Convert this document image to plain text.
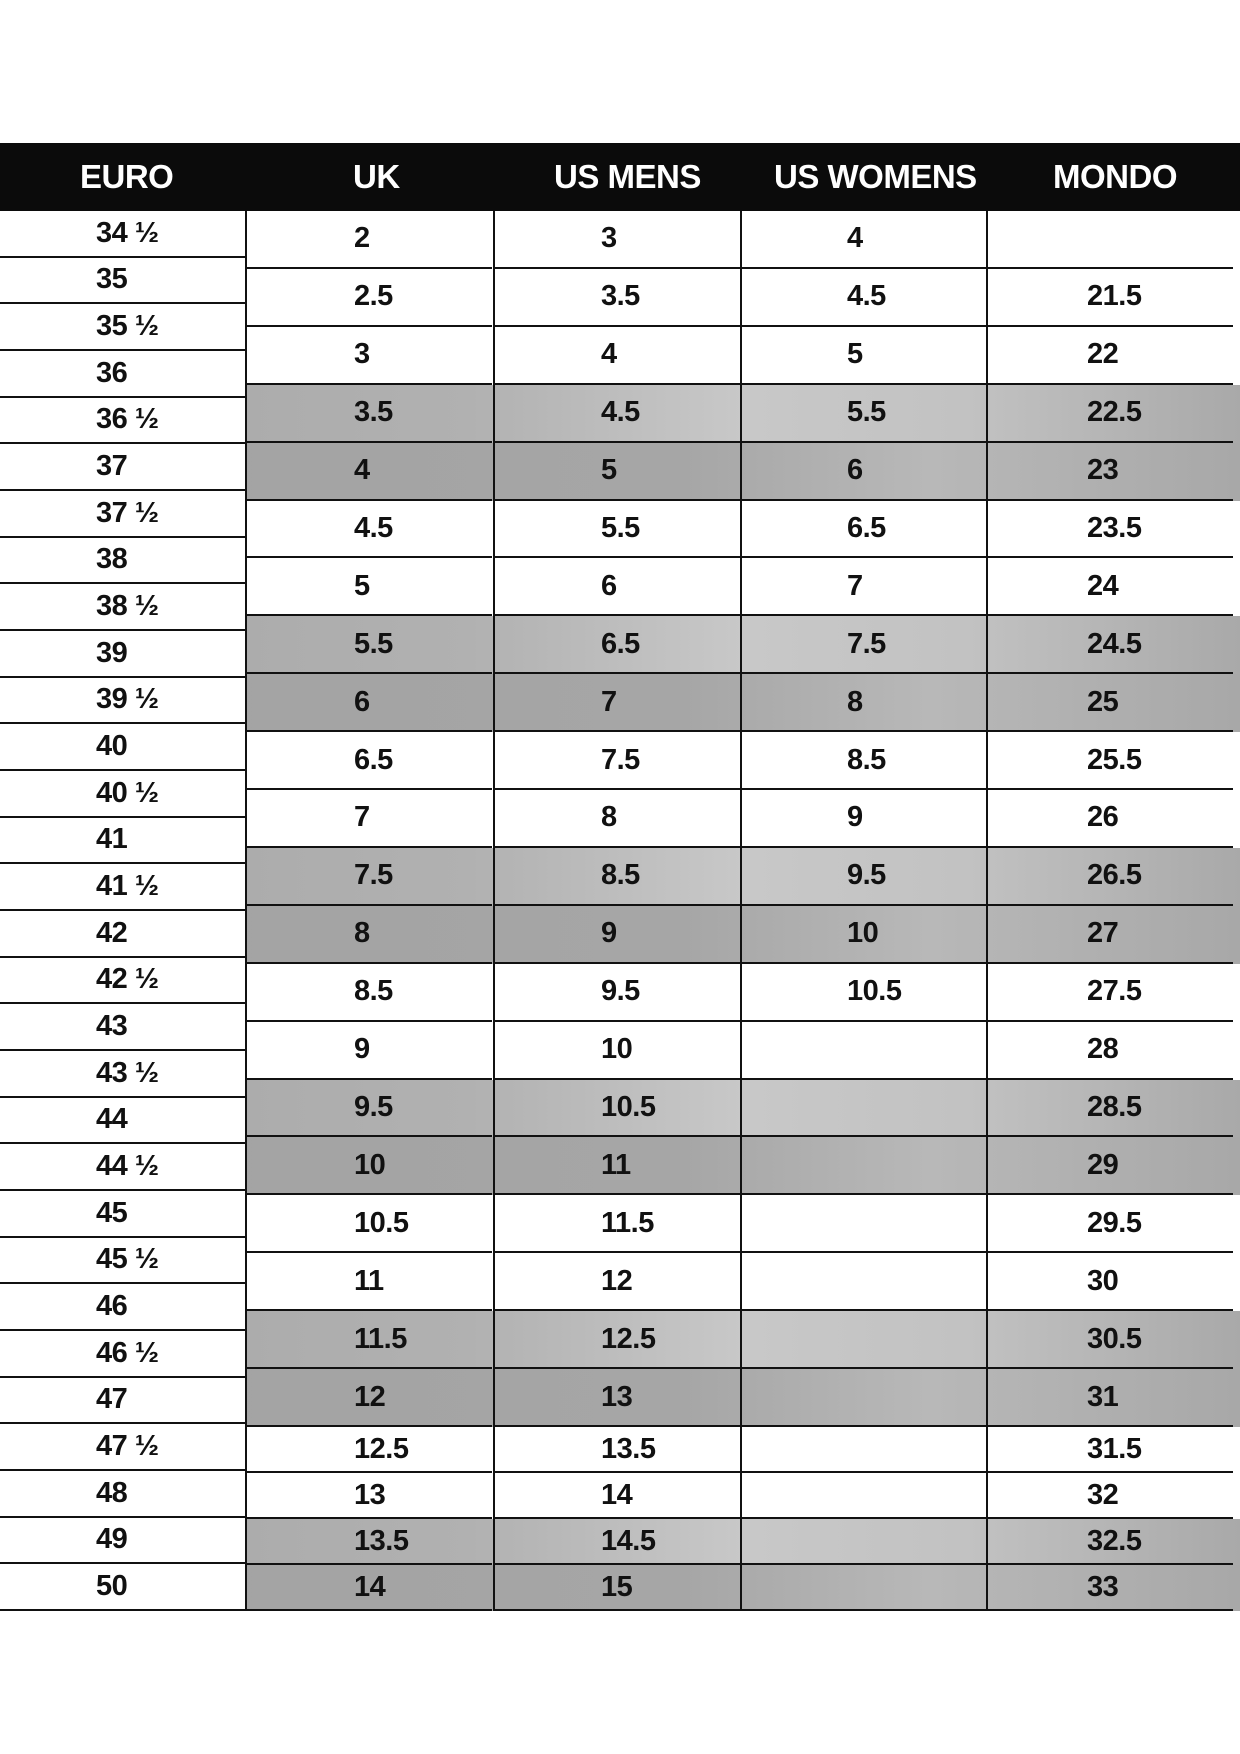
EURO	UK	US MENS US WOMENS MONDO
34 ½
35
35 ½
36
36 ½
37
37 ½
38
38 ½
39
39 ½
40
40 ½
41
41 ½
42
42 ½
43
43 ½
44
44 ½
45
45 ½
46
46 ½
47
47 ½
48
49
50
2
2.5
3
3.5
4
4.5
5
5.5
6
6.5
7
7.5
8
8.5
9
9.5
10
10.5
11
11.5
12
12.5
13
13.5
14
3
3.5
4
4.5
5
5.5
6
6.5
7
7.5
8
8.5
9
9.5
10
10.5
11
11.5
12
12.5
13
13.5
14
14.5
15
4
4.5
5
5.5
6
6.5
7
7.5
8
8.5
9
9.5
10
10.5
21.5
22
22.5
23
23.5
24
24.5
25
25.5
26
26.5
27
27.5
28
28.5
29
29.5
30
30.5
31
31.5
32
32.5
33
